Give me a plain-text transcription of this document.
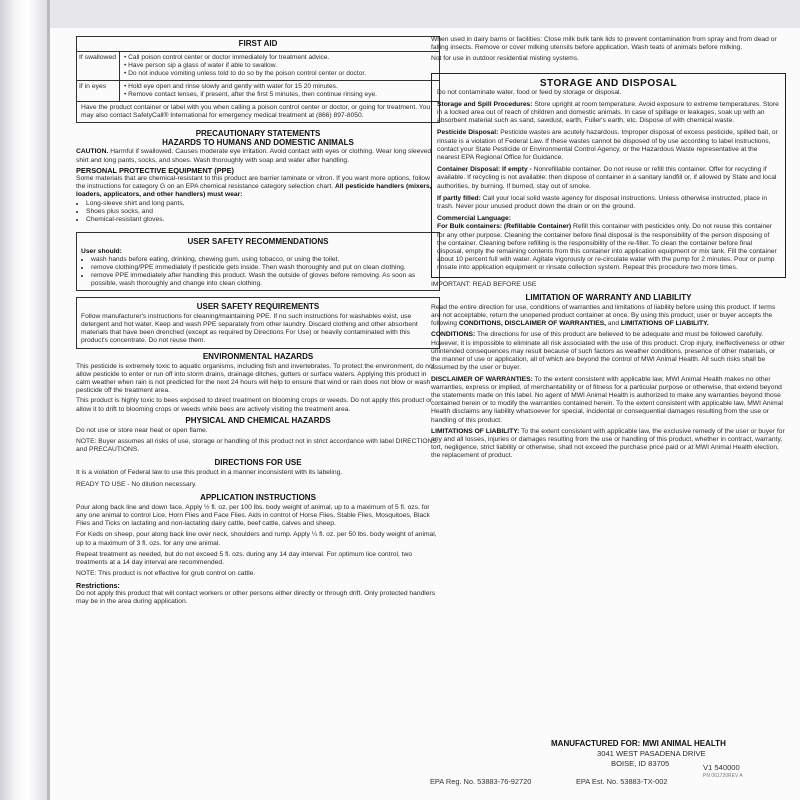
FIRST AID
If swallowed	• Call poison control center or doctor immediately for treatment advice.
• Have person sip a glass of water if able to swallow.
• Do not induce vomiting unless told to do so by the poison control center or doctor.
If in eyes	• Hold eye open and rinse slowly and gently with water for 15 20 minutes.
• Remove contact lenses, if present, after the first 5 minutes, then continue rinsing eye.

Have the product container or label with you when calling a poison control center or doctor, or going for treatment. You may also contact SafetyCall® International for emergency medical treatment at (866) 897-8050.

PRECAUTIONARY STATEMENTS
HAZARDS TO HUMANS AND DOMESTIC ANIMALS

CAUTION. Harmful if swallowed. Causes moderate eye irritation. Avoid contact with eyes or clothing. Wear long sleeved shirt and long pants, socks, and shoes. Wash thoroughly with soap and water after handling.

PERSONAL PROTECTIVE EQUIPMENT (PPE)

Some materials that are chemical-resistant to this product are barrier laminate or vitron. If you want more options, follow the instructions for category G on an EPA chemical resistance category selection chart. All pesticide handlers (mixers, loaders, applicators, and other handlers) must wear:

• Long-sleeve shirt and long pants,
• Shoes plus socks, and
• Chemical-resistant gloves.
USER SAFETY RECOMMENDATIONS
User should:
• wash hands before eating, drinking, chewing gum, using tobacco, or using the toilet.
• remove clothing/PPE immediately if pesticide gets inside. Then wash thoroughly and put on clean clothing.
• remove PPE immediately after handling this product. Wash the outside of gloves before removing. As soon as possible, wash thoroughly and change into clean clothing.
USER SAFETY REQUIREMENTS

Follow manufacturer's instructions for cleaning/maintaining PPE. If no such instructions for washables exist, use detergent and hot water. Keep and wash PPE separately from other laundry. Discard clothing and other absorbent materials that have been drenched (except as required by Directions For Use) or heavily contaminated with this product's concentrate. Do not reuse them.

ENVIRONMENTAL HAZARDS

This pesticide is extremely toxic to aquatic organisms, including fish and invertebrates. To protect the environment, do not allow pesticide to enter or run off into storm drains, drainage ditches, gutters or surface waters. Applying this product in calm weather when rain is not predicted for the next 24 hours will help to ensure that wind or rain does not blow or wash pesticide off the treatment area.

This product is highly toxic to bees exposed to direct treatment on blooming crops or weeds. Do not apply this product or allow it to drift to blooming crops or weeds while bees are actively visiting the treatment area.

PHYSICAL AND CHEMICAL HAZARDS

Do not use or store near heat or open flame.

NOTE: Buyer assumes all risks of use, storage or handling of this product not in strict accordance with label DIRECTIONS and PRECAUTIONS.

DIRECTIONS FOR USE

It is a violation of Federal law to use this product in a manner inconsistent with its labeling.

READY TO USE - No dilution necessary.

APPLICATION INSTRUCTIONS

Pour along back line and down face. Apply ½ fl. oz. per 100 lbs. body weight of animal, up to a maximum of 5 fl. ozs. for any one animal to control Lice, Horn Flies and Face Flies. Aids in control of Horse Flies, Stable Flies, Mosquitoes, Black Flies and Ticks on lactating and non-lactating dairy cattle, beef cattle, calves and sheep.

For Keds on sheep, pour along back line over neck, shoulders and rump. Apply ¼ fl. oz. per 50 lbs. body weight of animal, up to a maximum of 3 fl. ozs. for any one animal.

Repeat treatment as needed, but do not exceed 5 fl. ozs. during any 14 day interval. For optimum lice control, two treatments at a 14 day interval are recommended.

NOTE: This product is not effective for grub control on cattle.

Restrictions:

Do not apply this product that will contact workers or other persons either directly or through drift. Only protected handlers may be in the area during application.

When used in dairy barns or facilities: Close milk bulk tank lids to prevent contamination from spray and from dead or falling insects. Remove or cover milking utensils before application. Wash teats of animals before milking.

Not for use in outdoor residential misting systems.

STORAGE AND DISPOSAL

Do not contaminate water, food or feed by storage or disposal.

Storage and Spill Procedures: Store upright at room temperature. Avoid exposure to extreme temperatures. Store in a locked area out of reach of children and domestic animals. In case of spillage or leakages, soak up with an absorbent material such as sand, sawdust, earth, Fuller's earth, etc. Dispose of with chemical waste.

Pesticide Disposal: Pesticide wastes are acutely hazardous. Improper disposal of excess pesticide, spilled bait, or rinsate is a violation of Federal Law. If these wastes cannot be disposed of by use according to label instructions, contact your State Pesticide or Environmental Control Agency, or the Hazardous Waste representative at the nearest EPA Regional Office for Guidance.

Container Disposal: If empty - Nonrefillable container. Do not reuse or refill this container. Offer for recycling if available. If recycling is not available: then dispose of container in a sanitary landfill or, if allowed by State and local authorities, by burning. If burned, stay out of smoke.

If partly filled: Call your local solid waste agency for disposal instructions. Unless otherwise instructed, place in trash. Never pour unused product down the drain or on the ground.

Commercial Language:

For Bulk containers: (Refillable Container) Refill this container with pesticides only. Do not reuse this container for any other purpose. Cleaning the container before final disposal is the responsibility of the person disposing of the container. Cleaning before refilling is the responsibility of the re-filler. To clean the container before final disposal, empty the remaining contents from this container into application equipment or mix tank. Fill the container about 10 percent full with water. Agitate vigorously or re-circulate water with the pump for 2 minutes. Pour or pump rinsate into application equipment or rinsate collection system. Repeat this procedure two more times.

IMPORTANT: READ BEFORE USE
LIMITATION OF WARRANTY AND LIABILITY

Read the entire direction for use, conditions of warranties and limitations of liability before using this product. If terms are not acceptable, return the unopened product container at once. By using this product, user or buyer accepts the following CONDITIONS, DISCLAIMER OF WARRANTIES, and LIMITATIONS OF LIABILITY.

CONDITIONS: The directions for use of this product are believed to be adequate and must be followed carefully. However, it is impossible to eliminate all risk associated with the use of this product. Crop injury, ineffectiveness or other unintended consequences may result because of such factors as weather conditions, presence of other materials, or the manner of use or application, all of which are beyond the control of MWI Animal Health. All such risks shall be assumed by the user or buyer.

DISCLAIMER OF WARRANTIES: To the extent consistent with applicable law, MWI Animal Health makes no other warranties, express or implied, of merchantability or of fitness for a particular purpose or otherwise, that extend beyond the statements made on this label. No agent of MWI Animal Health is authorized to make any warranties beyond those contained herein or to modify the warranties contained herein. To the extent consistent with applicable law, MWI Animal Health disclaims any liability whatsoever for special, incidental or consequential damages resulting from the use or handling of this product.

LIMITATIONS OF LIABILITY: To the extent consistent with applicable law, the exclusive remedy of the user or buyer for any and all losses, injuries or damages resulting from the use or handling of this product, whether in contract, warranty, tort, negligence, strict liability or otherwise, shall not exceed the purchase price paid or at MWI Animal Health election, the replacement of product.

MANUFACTURED FOR: MWI ANIMAL HEALTH
3041 WEST PASADENA DRIVE
BOISE, ID 83705
EPA Reg. No. 53883-76-92720	EPA Est. No. 53883-TX-002
V1 540000
PN 061720REV A
